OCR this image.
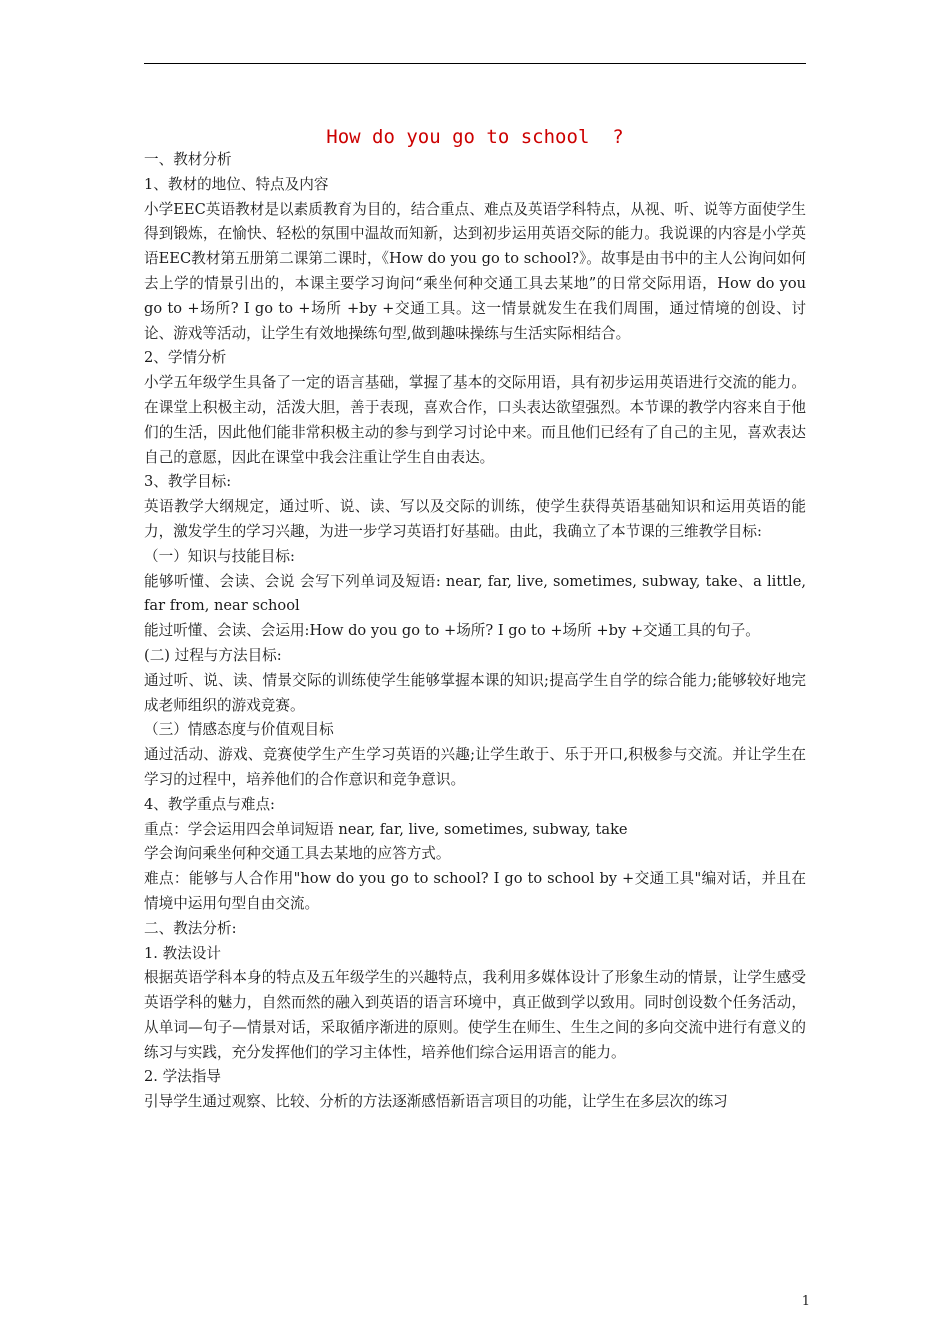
How do you go to school  ?

一、教材分析

1、教材的地位、特点及内容

小学EEC英语教材是以素质教育为目的，结合重点、难点及英语学科特点，从视、听、说等方面使学生得到锻炼，在愉快、轻松的氛围中温故而知新，达到初步运用英语交际的能力。我说课的内容是小学英语EEC教材第五册第二课第二课时，《How do you go to school?》。故事是由书中的主人公询问如何去上学的情景引出的，本课主要学习询问“乘坐何种交通工具去某地”的日常交际用语，How do you go to +场所? I go to +场所 +by +交通工具。这一情景就发生在我们周围，通过情境的创设、讨论、游戏等活动，让学生有效地操练句型,做到趣味操练与生活实际相结合。

2、学情分析

小学五年级学生具备了一定的语言基础，掌握了基本的交际用语，具有初步运用英语进行交流的能力。在课堂上积极主动，活泼大胆，善于表现，喜欢合作，口头表达欲望强烈。本节课的教学内容来自于他们的生活，因此他们能非常积极主动的参与到学习讨论中来。而且他们已经有了自己的主见，喜欢表达自己的意愿，因此在课堂中我会注重让学生自由表达。

3、教学目标:

英语教学大纲规定，通过听、说、读、写以及交际的训练，使学生获得英语基础知识和运用英语的能力，激发学生的学习兴趣，为进一步学习英语打好基础。由此，我确立了本节课的三维教学目标:

（一）知识与技能目标:

能够听懂、会读、会说 会写下列单词及短语: near, far, live, sometimes, subway, take、a little, far from, near school

能过听懂、会读、会运用:How do you go to +场所? I go to +场所 +by +交通工具的句子。

(二) 过程与方法目标:

通过听、说、读、情景交际的训练使学生能够掌握本课的知识;提高学生自学的综合能力;能够较好地完成老师组织的游戏竞赛。

（三）情感态度与价值观目标

通过活动、游戏、竞赛使学生产生学习英语的兴趣;让学生敢于、乐于开口,积极参与交流。并让学生在学习的过程中，培养他们的合作意识和竞争意识。

4、教学重点与难点:

重点：学会运用四会单词短语 near, far, live, sometimes, subway, take

学会询问乘坐何种交通工具去某地的应答方式。

难点：能够与人合作用"how do you go to school? I go to school by +交通工具"编对话，并且在情境中运用句型自由交流。

二、教法分析:

1. 教法设计

根据英语学科本身的特点及五年级学生的兴趣特点，我利用多媒体设计了形象生动的情景，让学生感受英语学科的魅力，自然而然的融入到英语的语言环境中，真正做到学以致用。同时创设数个任务活动，从单词—句子—情景对话，采取循序渐进的原则。使学生在师生、生生之间的多向交流中进行有意义的练习与实践，充分发挥他们的学习主体性，培养他们综合运用语言的能力。

2. 学法指导

引导学生通过观察、比较、分析的方法逐渐感悟新语言项目的功能，让学生在多层次的练习

1
